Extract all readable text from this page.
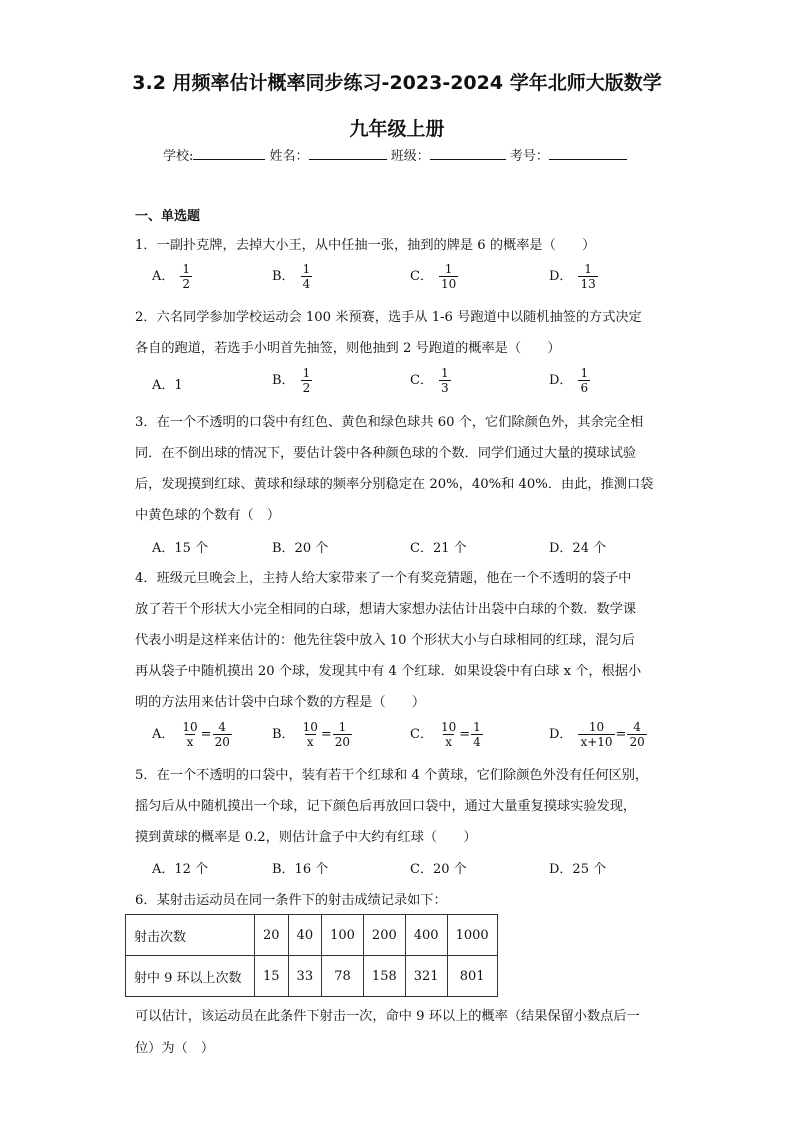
3.2 用频率估计概率同步练习-2023-2024 学年北师大版数学
九年级上册
学校:	姓名：	班级：	考号：
一、单选题
1．一副扑克牌，去掉大小王，从中任抽一张，抽到的牌是 6 的概率是（　　）
A． $\frac{1}{2}$	B． $\frac{1}{4}$	C． $\frac{1}{10}$	D． $\frac{1}{13}$
2．六名同学参加学校运动会 100 米预赛，选手从 1-6 号跑道中以随机抽签的方式决定
各自的跑道，若选手小明首先抽签，则他抽到 2 号跑道的概率是（　　）
A．1	B． $\frac{1}{2}$	C． $\frac{1}{3}$	D． $\frac{1}{6}$
3．在一个不透明的口袋中有红色、黄色和绿色球共 60 个，它们除颜色外，其余完全相
同．在不倒出球的情况下，要估计袋中各种颜色球的个数．同学们通过大量的摸球试验
后，发现摸到红球、黄球和绿球的频率分别稳定在 20%，40%和 40%．由此，推测口袋
中黄色球的个数有（　）
A．15 个	B．20 个	C．21 个	D．24 个
4．班级元旦晚会上，主持人给大家带来了一个有奖竞猜题，他在一个不透明的袋子中
放了若干个形状大小完全相同的白球，想请大家想办法估计出袋中白球的个数．数学课
代表小明是这样来估计的：他先往袋中放入 10 个形状大小与白球相同的红球，混匀后
再从袋子中随机摸出 20 个球，发现其中有 4 个红球．如果设袋中有白球 x 个，根据小
明的方法用来估计袋中白球个数的方程是（　　）
A． $\frac{10}{x} = \frac{4}{20}$	B． $\frac{10}{x} = \frac{1}{20}$	C． $\frac{10}{x} = \frac{1}{4}$	D． $\frac{10}{x+10} = \frac{4}{20}$
5．在一个不透明的口袋中，装有若干个红球和 4 个黄球，它们除颜色外没有任何区别，
摇匀后从中随机摸出一个球，记下颜色后再放回口袋中，通过大量重复摸球实验发现，
摸到黄球的概率是 0.2，则估计盒子中大约有红球（　　）
A．12 个	B．16 个	C．20 个	D．25 个
6．某射击运动员在同一条件下的射击成绩记录如下：
射击次数	20	40	100	200	400	1000
射中 9 环以上次数	15	33	78	158	321	801
可以估计，该运动员在此条件下射击一次，命中 9 环以上的概率（结果保留小数点后一
位）为（　）
